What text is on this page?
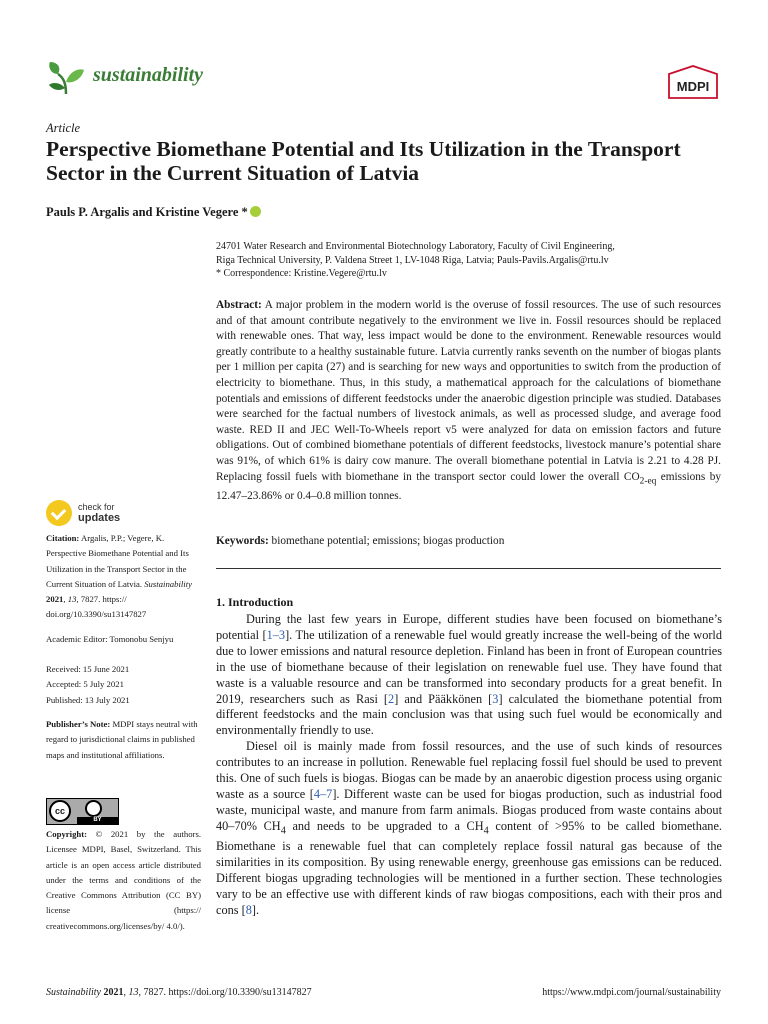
sustainability
MDPI
Article
Perspective Biomethane Potential and Its Utilization in the Transport Sector in the Current Situation of Latvia
Pauls P. Argalis and Kristine Vegere *

24701 Water Research and Environmental Biotechnology Laboratory, Faculty of Civil Engineering,

Riga Technical University, P. Valdena Street 1, LV-1048 Riga, Latvia; Pauls-Pavils.Argalis@rtu.lv

* Correspondence: Kristine.Vegere@rtu.lv

Abstract: A major problem in the modern world is the overuse of fossil resources. The use of such resources and of that amount contribute negatively to the environment we live in. Fossil resources should be replaced with renewable ones. That way, less impact would be done to the environment. Renewable resources would greatly contribute to a healthy sustainable future. Latvia currently ranks seventh on the number of biogas plants per 1 million per capita (27) and is searching for new ways and opportunities to switch from the production of electricity to biomethane. Thus, in this study, a mathematical approach for the calculations of biomethane potentials and emissions of different feedstocks under the anaerobic digestion principle was studied. Databases were searched for the factual numbers of livestock animals, as well as processed sludge, and average food waste. RED II and JEC Well-To-Wheels report v5 were analyzed for data on emission factors and future obligations. Out of combined biomethane potentials of different feedstocks, livestock manure’s potential share was 91%, of which 61% is dairy cow manure. The overall biomethane potential in Latvia is 2.21 to 4.28 PJ. Replacing fossil fuels with biomethane in the transport sector could lower the overall $CO_{2-eq}$ emissions by 12.47–23.86% or 0.4–0.8 million tonnes.

Keywords: biomethane potential; emissions; biogas production

1. Introduction

During the last few years in Europe, different studies have been focused on biomethane’s potential [1–3]. The utilization of a renewable fuel would greatly increase the well-being of the world due to lower emissions and natural resource depletion. Finland has been in front of European countries in the use of biomethane because of their legislation on renewable fuel use. They have found that waste is a valuable resource and can be transformed into secondary products for a great benefit. In 2019, researchers such as Rasi [2] and Pääkkönen [3] calculated the biomethane potential from different feedstocks and the main conclusion was that using such fuel would be economically and environmentally friendly to use.

Diesel oil is mainly made from fossil resources, and the use of such kinds of resources contributes to an increase in pollution. Renewable fuel replacing fossil fuel should be used to prevent this. One of such fuels is biogas. Biogas can be made by an anaerobic digestion process using organic waste as a source [4–7]. Different waste can be used for biogas production, such as industrial food waste, municipal waste, and manure from farm animals. Biogas produced from waste contains about 40–70% $CH_4$ and needs to be upgraded to a $CH_4$ content of >95% to be called biomethane. Biomethane is a renewable fuel that can completely replace fossil natural gas because of the similarities in its composition. By using renewable energy, greenhouse gas emissions can be reduced. Different biogas upgrading technologies will be mentioned in a further section. These technologies vary to be an effective use with different kinds of raw biogas compositions, each with their pros and cons [8].

check for
updates

Citation: Argalis, P.P.; Vegere, K. Perspective Biomethane Potential and Its Utilization in the Transport Sector in the Current Situation of Latvia. Sustainability 2021, 13, 7827. https:// doi.org/10.3390/su13147827

Academic Editor: Tomonobu Senjyu

Received: 15 June 2021

Accepted: 5 July 2021

Published: 13 July 2021

Publisher’s Note: MDPI stays neutral with regard to jurisdictional claims in published maps and institutional affiliations.

cc
BY

Copyright: © 2021 by the authors. Licensee MDPI, Basel, Switzerland. This article is an open access article distributed under the terms and conditions of the Creative Commons Attribution (CC BY) license (https:// creativecommons.org/licenses/by/ 4.0/).

Sustainability 2021, 13, 7827. https://doi.org/10.3390/su13147827	https://www.mdpi.com/journal/sustainability
